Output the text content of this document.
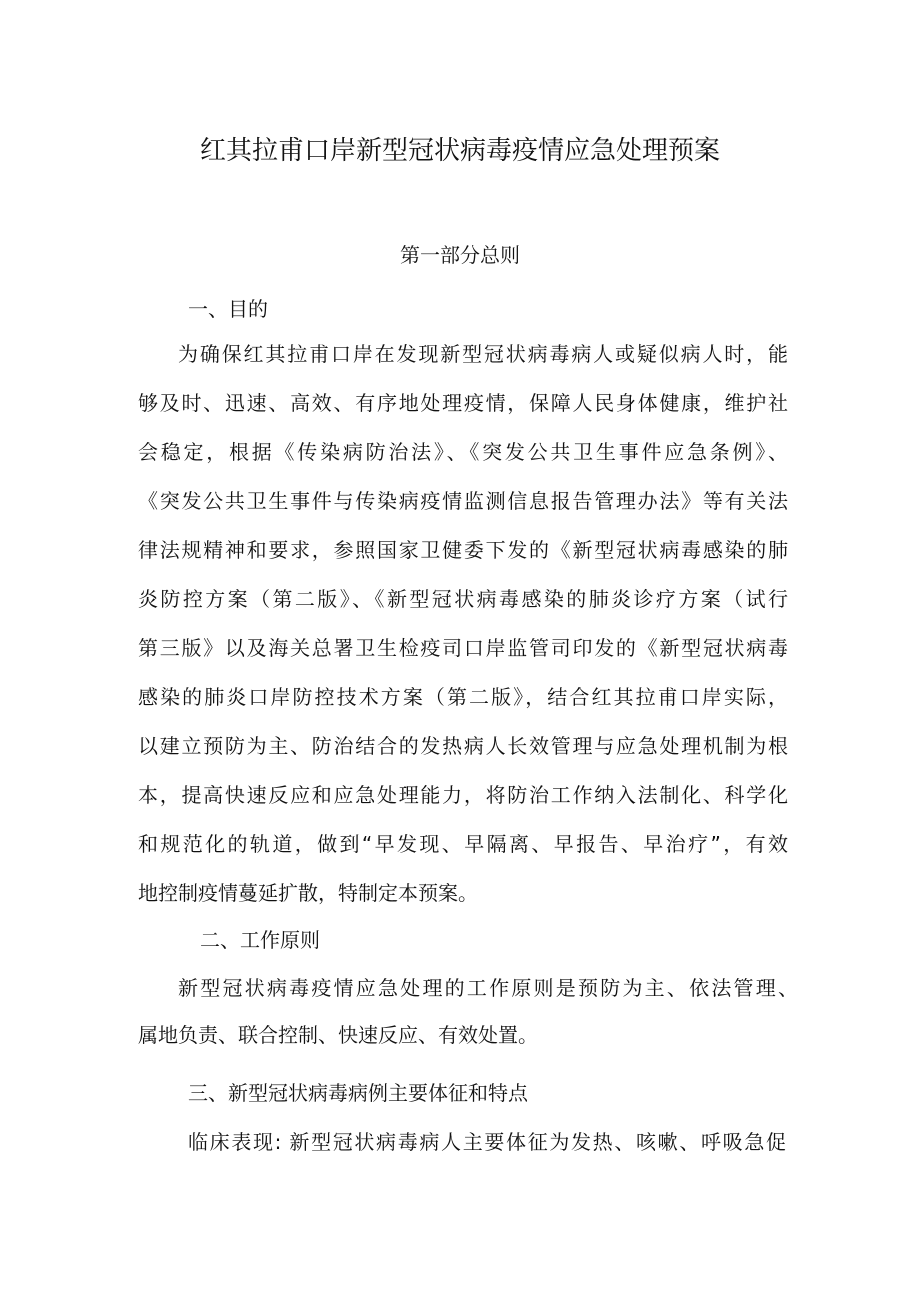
红其拉甫口岸新型冠状病毒疫情应急处理预案
第一部分总则
一、目的
为确保红其拉甫口岸在发现新型冠状病毒病人或疑似病人时，能
够及时、迅速、高效、有序地处理疫情，保障人民身体健康，维护社
会稳定，根据《传染病防治法》、《突发公共卫生事件应急条例》、
《突发公共卫生事件与传染病疫情监测信息报告管理办法》等有关法
律法规精神和要求，参照国家卫健委下发的《新型冠状病毒感染的肺
炎防控方案（第二版》、《新型冠状病毒感染的肺炎诊疗方案（试行
第三版》以及海关总署卫生检疫司口岸监管司印发的《新型冠状病毒
感染的肺炎口岸防控技术方案（第二版》，结合红其拉甫口岸实际，
以建立预防为主、防治结合的发热病人长效管理与应急处理机制为根
本，提高快速反应和应急处理能力，将防治工作纳入法制化、科学化
和规范化的轨道，做到“早发现、早隔离、早报告、早治疗”，有效
地控制疫情蔓延扩散，特制定本预案。
二、工作原则
新型冠状病毒疫情应急处理的工作原则是预防为主、依法管理、
属地负责、联合控制、快速反应、有效处置。
三、新型冠状病毒病例主要体征和特点
临床表现: 新型冠状病毒病人主要体征为发热、咳嗽、呼吸急促
